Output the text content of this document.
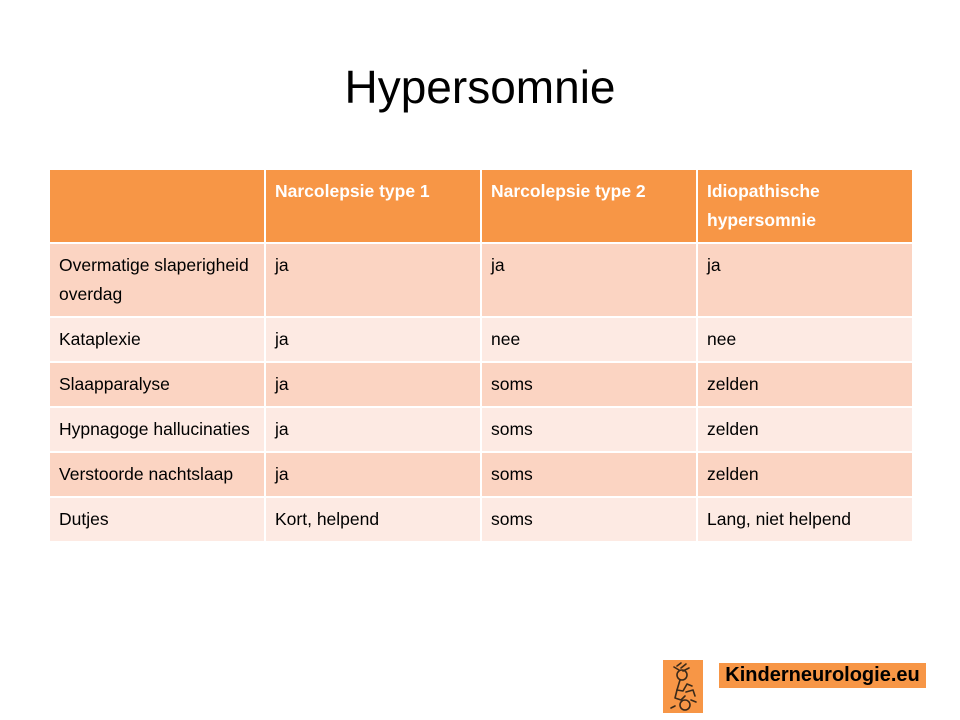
Hypersomnie
	Narcolepsie type 1	Narcolepsie type 2	Idiopathische hypersomnie
Overmatige slaperigheid overdag	ja	ja	ja
Kataplexie	ja	nee	nee
Slaapparalyse	ja	soms	zelden
Hypnagoge hallucinaties	ja	soms	zelden
Verstoorde nachtslaap	ja	soms	zelden
Dutjes	Kort, helpend	soms	Lang, niet helpend
Kinderneurologie.eu
